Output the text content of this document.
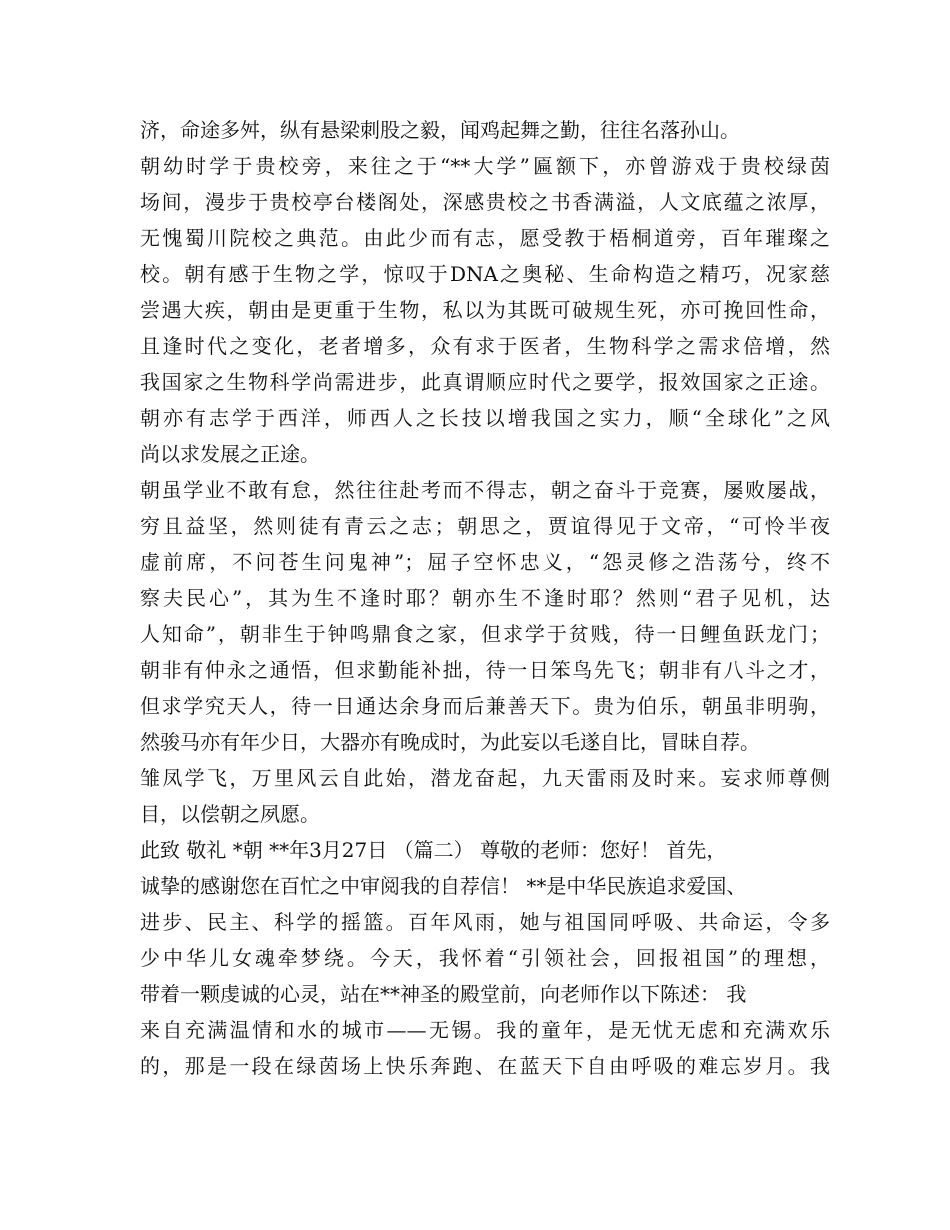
济，命途多舛，纵有悬梁刺股之毅，闻鸡起舞之勤，往往名落孙山。
朝幼时学于贵校旁，来往之于“**大学”匾额下，亦曾游戏于贵校绿茵
场间，漫步于贵校亭台楼阁处，深感贵校之书香满溢，人文底蕴之浓厚，
无愧蜀川院校之典范。由此少而有志，愿受教于梧桐道旁，百年璀璨之
校。朝有感于生物之学，惊叹于DNA之奥秘、生命构造之精巧，况家慈
尝遇大疾，朝由是更重于生物，私以为其既可破规生死，亦可挽回性命，
且逢时代之变化，老者增多，众有求于医者，生物科学之需求倍增，然
我国家之生物科学尚需进步，此真谓顺应时代之要学，报效国家之正途。
朝亦有志学于西洋，师西人之长技以增我国之实力，顺“全球化”之风
尚以求发展之正途。
朝虽学业不敢有怠，然往往赴考而不得志，朝之奋斗于竞赛，屡败屡战，
穷且益坚，然则徒有青云之志；朝思之，贾谊得见于文帝，“可怜半夜
虚前席，不问苍生问鬼神”；屈子空怀忠义，“怨灵修之浩荡兮，终不
察夫民心”，其为生不逢时耶？朝亦生不逢时耶？然则“君子见机，达
人知命”，朝非生于钟鸣鼎食之家，但求学于贫贱，待一日鲤鱼跃龙门；
朝非有仲永之通悟，但求勤能补拙，待一日笨鸟先飞；朝非有八斗之才，
但求学究天人，待一日通达余身而后兼善天下。贵为伯乐，朝虽非明驹，
然骏马亦有年少日，大器亦有晚成时，为此妄以毛遂自比，冒昧自荐。
雏凤学飞，万里风云自此始，潜龙奋起，九天雷雨及时来。妄求师尊侧
目，以偿朝之夙愿。
此致 敬礼 *朝 **年3月27日 （篇二） 尊敬的老师：您好！ 首先，
诚挚的感谢您在百忙之中审阅我的自荐信！ **是中华民族追求爱国、
进步、民主、科学的摇篮。百年风雨，她与祖国同呼吸、共命运，令多
少中华儿女魂牵梦绕。今天，我怀着“引领社会，回报祖国”的理想，
带着一颗虔诚的心灵，站在**神圣的殿堂前，向老师作以下陈述： 我
来自充满温情和水的城市——无锡。我的童年，是无忧无虑和充满欢乐
的，那是一段在绿茵场上快乐奔跑、在蓝天下自由呼吸的难忘岁月。我
